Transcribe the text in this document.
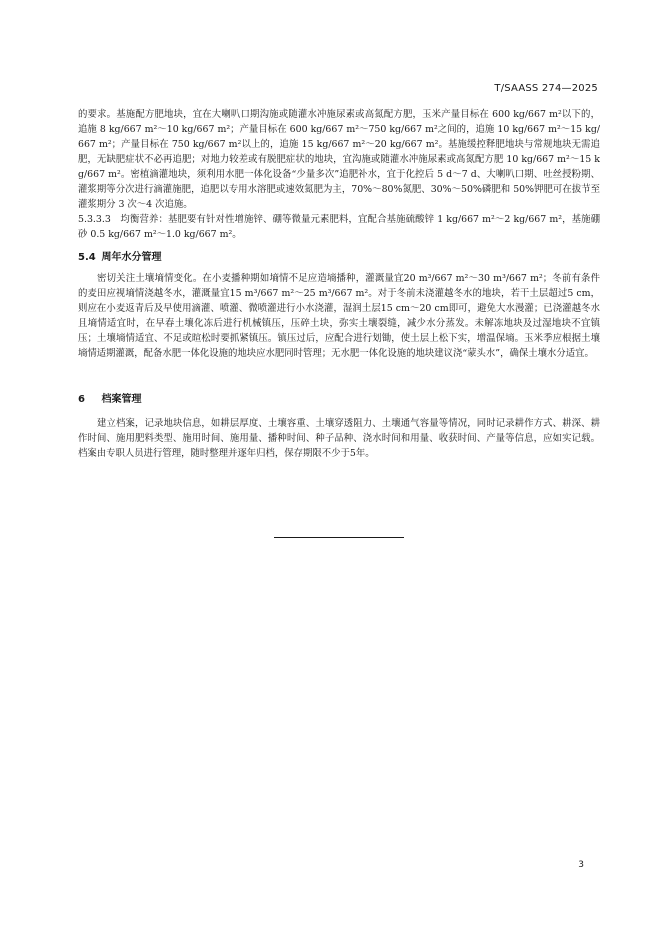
T/SAASS 274—2025

的要求。基施配方肥地块，宜在大喇叭口期沟施或随灌水冲施尿素或高氮配方肥，玉米产量目标在 600 kg/667 m²以下的，追施 8 kg/667 m²～10 kg/667 m²；产量目标在 600 kg/667 m²～750 kg/667 m²之间的，追施 10 kg/667 m²～15 kg/667 m²；产量目标在 750 kg/667 m²以上的，追施 15 kg/667 m²～20 kg/667 m²。基施缓控释肥地块与常规地块无需追肥，无缺肥症状不必再追肥；对地力较差或有脱肥症状的地块，宜沟施或随灌水冲施尿素或高氮配方肥 10 kg/667 m²～15 kg/667 m²。密植滴灌地块，须利用水肥一体化设备“少量多次”追肥补水，宜于化控后 5 d～7 d、大喇叭口期、吐丝授粉期、灌浆期等分次进行滴灌施肥，追肥以专用水溶肥或速效氮肥为主，70%～80%氮肥、30%～50%磷肥和 50%钾肥可在拔节至灌浆期分 3 次～4 次追施。

5.3.3.3　均衡营养：基肥要有针对性增施锌、硼等微量元素肥料，宜配合基施硫酸锌 1 kg/667 m²～2 kg/667 m²，基施硼砂 0.5 kg/667 m²～1.0 kg/667 m²。

5.4 周年水分管理

密切关注土壤墒情变化。在小麦播种期如墒情不足应造墒播种，灌溉量宜20 m³/667 m²～30 m³/667 m²；冬前有条件的麦田应视墒情浇越冬水，灌溉量宜15 m³/667 m²～25 m³/667 m²。对于冬前未浇灌越冬水的地块，若干土层超过5 cm，则应在小麦返青后及早使用滴灌、喷灌、微喷灌进行小水浇灌，湿润土层15 cm～20 cm即可，避免大水漫灌；已浇灌越冬水且墒情适宜时，在早春土壤化冻后进行机械镇压，压碎土块，弥实土壤裂缝，减少水分蒸发。未解冻地块及过湿地块不宜镇压；土壤墒情适宜、不足或暄松时要抓紧镇压。镇压过后，应配合进行划锄，使土层上松下实，增温保墒。玉米季应根据土壤墒情适期灌溉，配备水肥一体化设施的地块应水肥同时管理；无水肥一体化设施的地块建议浇“蒙头水”，确保土壤水分适宜。

6 档案管理

建立档案，记录地块信息，如耕层厚度、土壤容重、土壤穿透阻力、土壤通气容量等情况，同时记录耕作方式、耕深、耕作时间、施用肥料类型、施用时间、施用量、播种时间、种子品种、浇水时间和用量、收获时间、产量等信息，应如实记载。档案由专职人员进行管理，随时整理并逐年归档，保存期限不少于5年。

3
